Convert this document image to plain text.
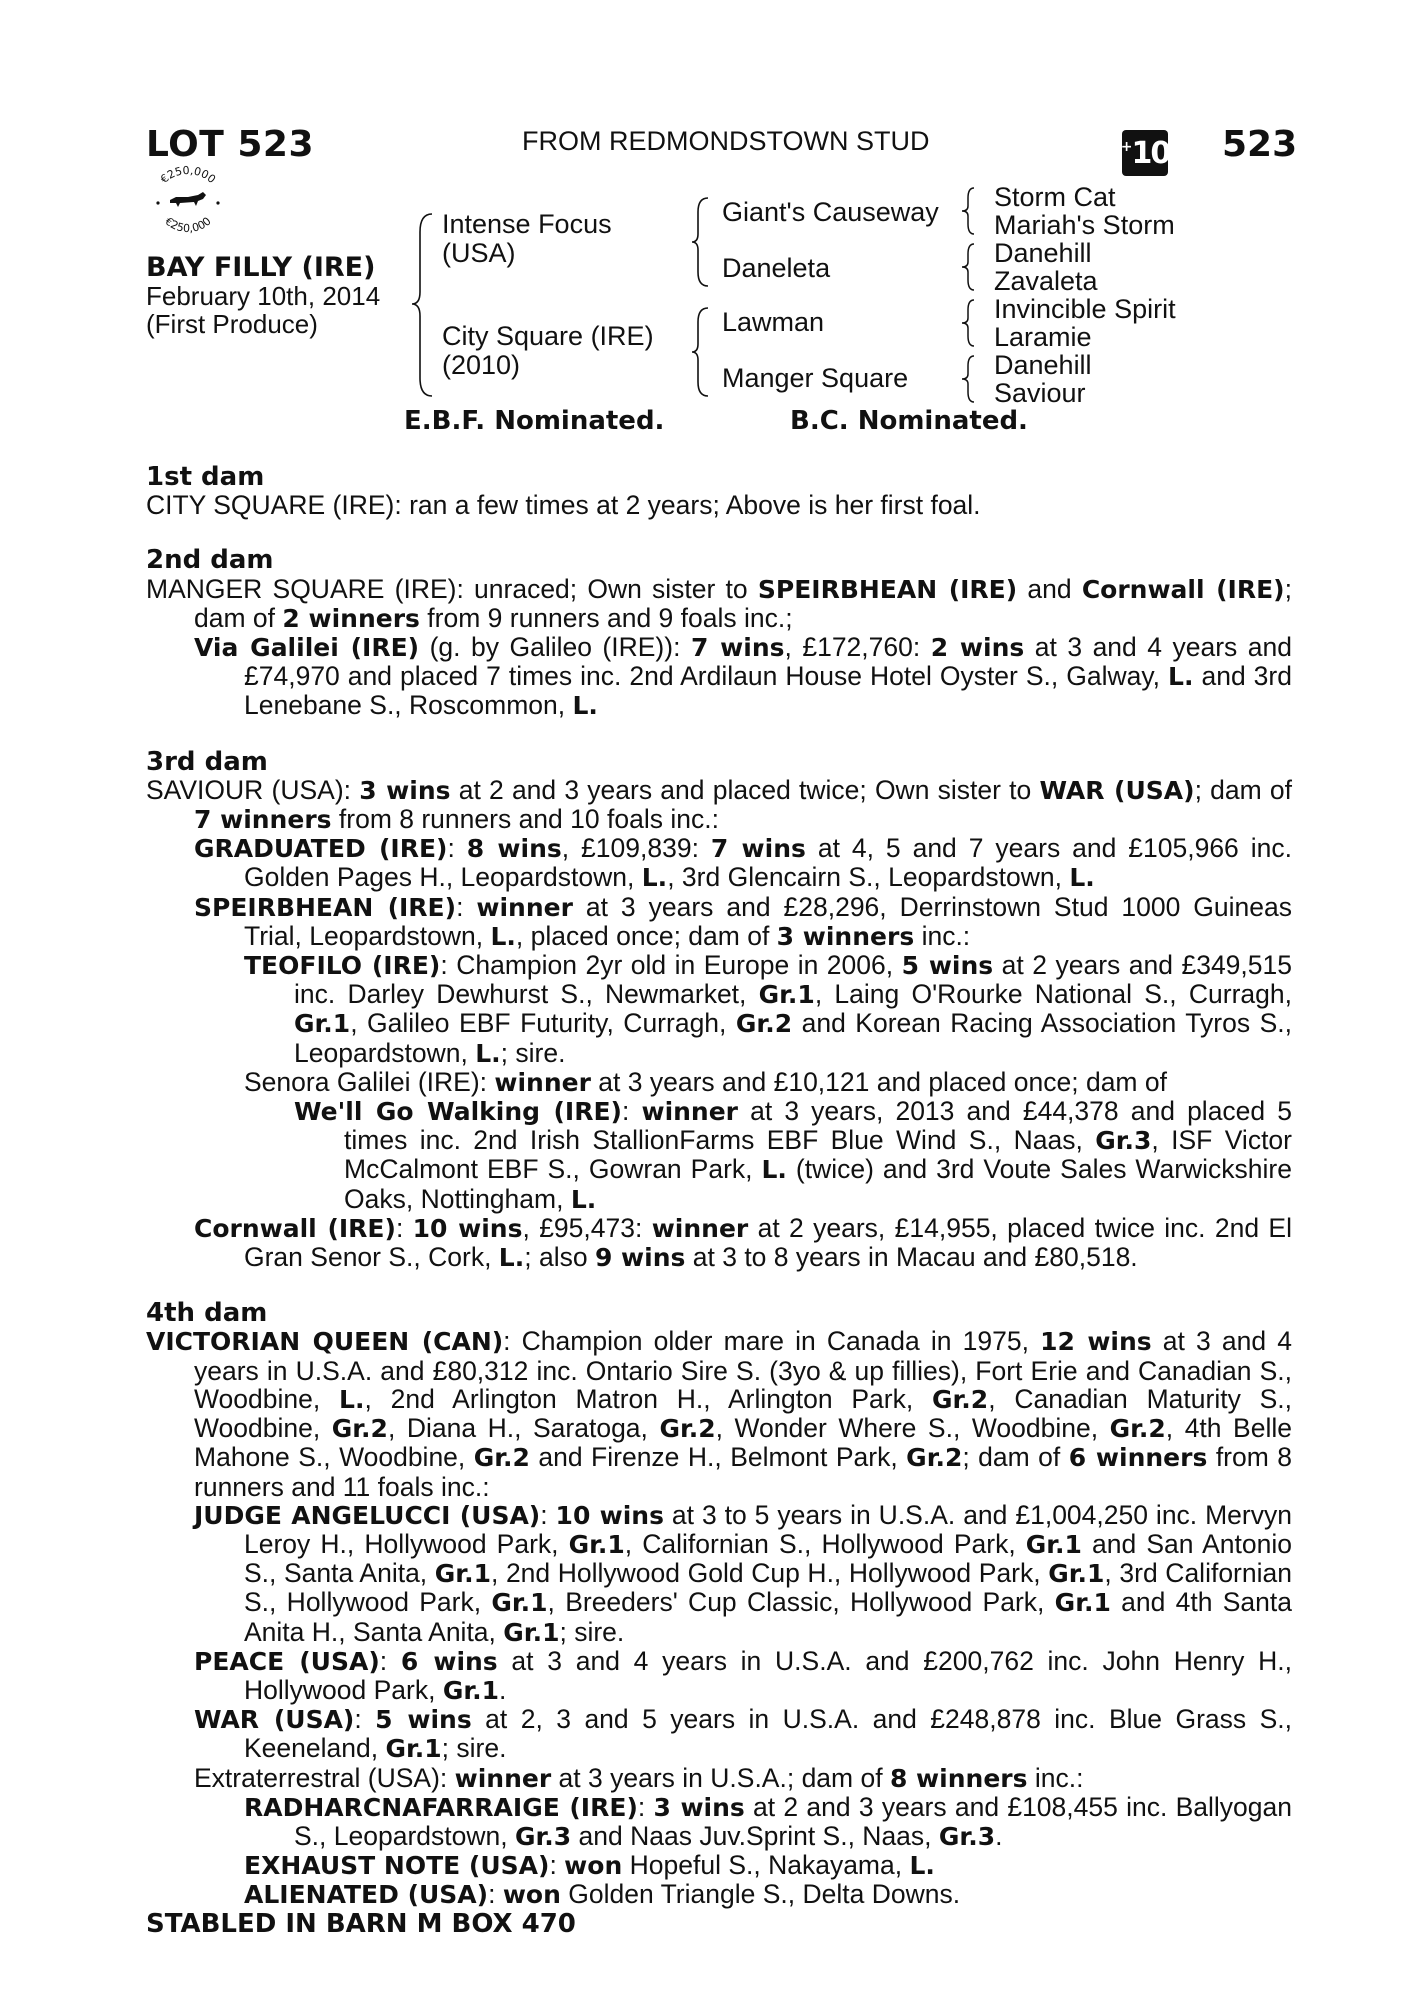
LOT 523	FROM REDMONDSTOWN STUD	+ 10 523
€250,000
€250,000
BAY FILLY (IRE)
February 10th, 2014
(First Produce)
Intense Focus
(USA)
City Square (IRE)
(2010)
Giant's Causeway
Daneleta
Lawman
Manger Square
Storm Cat
Mariah's Storm
Danehill
Zavaleta
Invincible Spirit
Laramie
Danehill
Saviour
E.B.F. Nominated.	B.C. Nominated.

1st dam

CITY SQUARE (IRE): ran a few times at 2 years; Above is her first foal.

2nd dam

MANGER SQUARE (IRE): unraced; Own sister to SPEIRBHEAN (IRE) and Cornwall (IRE); dam of 2 winners from 9 runners and 9 foals inc.;

Via Galilei (IRE) (g. by Galileo (IRE)): 7 wins, £172,760: 2 wins at 3 and 4 years and £74,970 and placed 7 times inc. 2nd Ardilaun House Hotel Oyster S., Galway, L. and 3rd Lenebane S., Roscommon, L.

3rd dam

SAVIOUR (USA): 3 wins at 2 and 3 years and placed twice; Own sister to WAR (USA); dam of 7 winners from 8 runners and 10 foals inc.:

GRADUATED (IRE): 8 wins, £109,839: 7 wins at 4, 5 and 7 years and £105,966 inc. Golden Pages H., Leopardstown, L., 3rd Glencairn S., Leopardstown, L.

SPEIRBHEAN (IRE): winner at 3 years and £28,296, Derrinstown Stud 1000 Guineas Trial, Leopardstown, L., placed once; dam of 3 winners inc.:

TEOFILO (IRE): Champion 2yr old in Europe in 2006, 5 wins at 2 years and £349,515 inc. Darley Dewhurst S., Newmarket, Gr.1, Laing O'Rourke National S., Curragh, Gr.1, Galileo EBF Futurity, Curragh, Gr.2 and Korean Racing Association Tyros S., Leopardstown, L.; sire.

Senora Galilei (IRE): winner at 3 years and £10,121 and placed once; dam of

We'll Go Walking (IRE): winner at 3 years, 2013 and £44,378 and placed 5 times inc. 2nd Irish StallionFarms EBF Blue Wind S., Naas, Gr.3, ISF Victor McCalmont EBF S., Gowran Park, L. (twice) and 3rd Voute Sales Warwickshire Oaks, Nottingham, L.

Cornwall (IRE): 10 wins, £95,473: winner at 2 years, £14,955, placed twice inc. 2nd El Gran Senor S., Cork, L.; also 9 wins at 3 to 8 years in Macau and £80,518.

4th dam

VICTORIAN QUEEN (CAN): Champion older mare in Canada in 1975, 12 wins at 3 and 4 years in U.S.A. and £80,312 inc. Ontario Sire S. (3yo & up fillies), Fort Erie and Canadian S., Woodbine, L., 2nd Arlington Matron H., Arlington Park, Gr.2, Canadian Maturity S., Woodbine, Gr.2, Diana H., Saratoga, Gr.2, Wonder Where S., Woodbine, Gr.2, 4th Belle Mahone S., Woodbine, Gr.2 and Firenze H., Belmont Park, Gr.2; dam of 6 winners from 8 runners and 11 foals inc.:

JUDGE ANGELUCCI (USA): 10 wins at 3 to 5 years in U.S.A. and £1,004,250 inc. Mervyn Leroy H., Hollywood Park, Gr.1, Californian S., Hollywood Park, Gr.1 and San Antonio S., Santa Anita, Gr.1, 2nd Hollywood Gold Cup H., Hollywood Park, Gr.1, 3rd Californian S., Hollywood Park, Gr.1, Breeders' Cup Classic, Hollywood Park, Gr.1 and 4th Santa Anita H., Santa Anita, Gr.1; sire.

PEACE (USA): 6 wins at 3 and 4 years in U.S.A. and £200,762 inc. John Henry H., Hollywood Park, Gr.1.

WAR (USA): 5 wins at 2, 3 and 5 years in U.S.A. and £248,878 inc. Blue Grass S., Keeneland, Gr.1; sire.

Extraterrestral (USA): winner at 3 years in U.S.A.; dam of 8 winners inc.:

RADHARCNAFARRAIGE (IRE): 3 wins at 2 and 3 years and £108,455 inc. Ballyogan S., Leopardstown, Gr.3 and Naas Juv.Sprint S., Naas, Gr.3.

EXHAUST NOTE (USA): won Hopeful S., Nakayama, L.

ALIENATED (USA): won Golden Triangle S., Delta Downs.

STABLED IN BARN M BOX 470
